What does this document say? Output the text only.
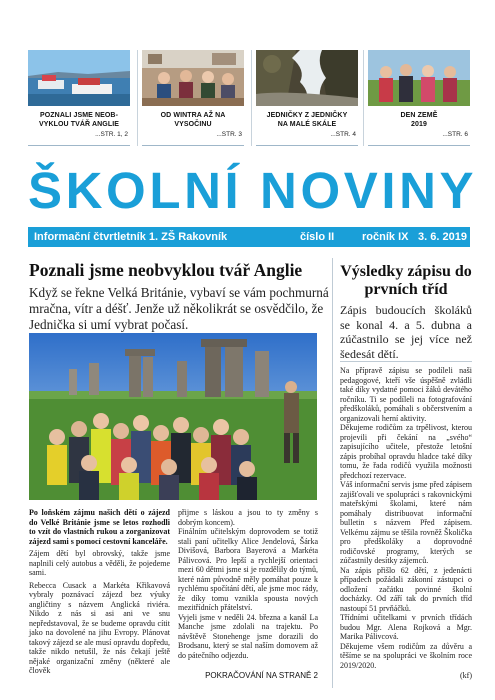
POZNALI JSME NEOB-
VYKLOU TVÁŘ ANGLIE
...STR. 1, 2
OD WINTRA AŽ NA
VYSOČINU
...STR. 3
JEDNIČKY Z JEDNIČKY
NA MALÉ SKÁLE
...STR. 4
DEN ZEMĚ
2019
...STR. 6
ŠKOLNÍ NOVINY
Informační čtvrtletník 1. ZŠ Rakovník	číslo II	ročník IX 3. 6. 2019
Poznali jsme neobvyklou tvář Anglie
Když se řekne Velká Británie, vybaví se vám pochmurná mračna, vítr a déšť. Jenže už několikrát se osvědčilo, že Jednička si umí vybrat počasí.

Po loňském zájmu našich dětí o zájezd do Velké Británie jsme se letos rozhodli to vzít do vlastních rukou a zorganizovat zájezd sami s pomocí cestovní kanceláře.

Zájem dětí byl obrovský, takže jsme naplnili celý autobus a věděli, že pojedeme sami.

Rebecca Cusack a Markéta Křikavová vybraly poznávací zájezd bez výuky angličtiny s názvem Anglická riviéra. Nikdo z nás si asi ani ve snu nepředstavoval, že se budeme opravdu cítit jako na dovolené na jihu Evropy. Plánovat takový zájezd se ale musí opravdu dopředu, takže nikdo netušil, že nás čekají ještě nějaké organizační změny (některé ale člověk

přijme s láskou a jsou to ty změny s dobrým koncem).
Finálním učitelským doprovodem se totiž stali paní učitelky Alice Jendelová, Šárka Divišová, Barbora Bayerová a Markéta Pálivcová. Pro lepší a rychlejší orientaci mezi 60 dětmi jsme si je rozdělily do týmů, které nám původně měly pomáhat pouze k rychlému spočítání dětí, ale jsme moc rády, že díky tomu vznikla spousta nových mezitřídních přátelství.
Vyjeli jsme v neděli 24. března a kanál La Manche jsme zdolali na trajektu. Po návštěvě Stonehenge jsme dorazili do Brodsanu, který se stal naším domovem až do pátečního odjezdu.
POKRAČOVÁNÍ NA STRANĚ 2
Výsledky zápisu do prvních tříd
Zápis budoucích školáků se konal 4. a 5. dubna a zúčastnilo se jej více než šedesát dětí.
Na přípravě zápisu se podíleli naši pedagogové, kteří vše úspěšně zvládli také díky vydatné pomoci žáků devátého ročníku. Ti se podíleli na fotografování předškoláků, pomáhali s občerstvením a organizovali herní aktivity.
Děkujeme rodičům za trpělivost, kterou projevili při čekání na „svého“ zapisujícího učitele, přestože letošní zápis probíhal opravdu hladce také díky tomu, že řada rodičů využila možnosti předchozí rezervace.
Váš informační servis jsme před zápisem zajišťovali ve spolupráci s rakovnickými mateřskými školami, které nám pomáhaly distribuovat informační bulletin s názvem Před zápisem. Velkému zájmu se těšila rovněž Školička pro předškoláky a doprovodné rodičovské programy, kterých se zúčastnily desítky zájemců.
Na zápis přišlo 62 dětí, z jedenácti případech požádali zákonní zástupci o odložení začátku povinné školní docházky. Od září tak do prvních tříd nastoupí 51 prvňáčků.
Třídními učitelkami v prvních třídách budou Mgr. Alena Rojková a Mgr. Marika Pálivcová.
Děkujeme všem rodičům za důvěru a těšíme se na spolupráci ve školním roce 2019/2020.
(kf)
